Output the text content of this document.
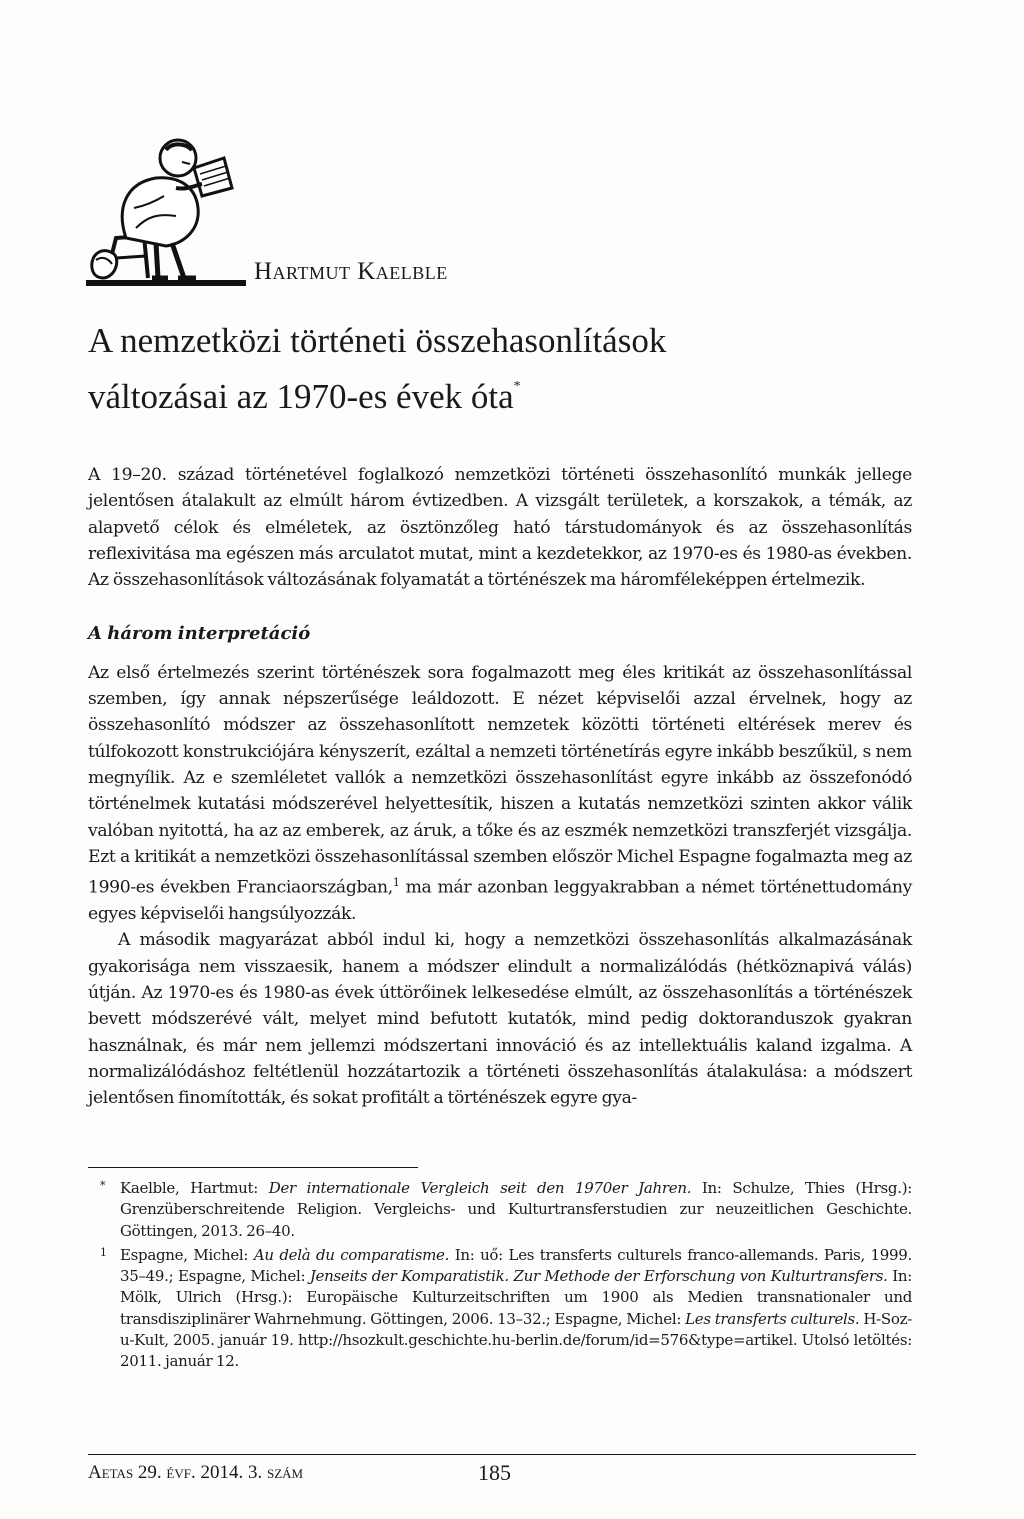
Hartmut Kaelble
A nemzetközi történeti összehasonlítások
változásai az 1970-es évek óta*

A 19–20. század történetével foglalkozó nemzetközi történeti összehasonlító munkák jellege jelentősen átalakult az elmúlt három évtizedben. A vizsgált területek, a korszakok, a témák, az alapvető célok és elméletek, az ösztönzőleg ható társtudományok és az összehasonlítás reflexivitása ma egészen más arculatot mutat, mint a kezdetekkor, az 1970-es és 1980-as években. Az összehasonlítások változásának folyamatát a történészek ma háromféleképpen értelmezik.

A három interpretáció

Az első értelmezés szerint történészek sora fogalmazott meg éles kritikát az összehasonlítással szemben, így annak népszerűsége leáldozott. E nézet képviselői azzal érvelnek, hogy az összehasonlító módszer az összehasonlított nemzetek közötti történeti eltérések merev és túlfokozott konstrukciójára kényszerít, ezáltal a nemzeti történetírás egyre inkább beszűkül, s nem megnyílik. Az e szemléletet vallók a nemzetközi összehasonlítást egyre inkább az összefonódó történelmek kutatási módszerével helyettesítik, hiszen a kutatás nemzetközi szinten akkor válik valóban nyitottá, ha az az emberek, az áruk, a tőke és az eszmék nemzetközi transzferjét vizsgálja. Ezt a kritikát a nemzetközi összehasonlítással szemben először Michel Espagne fogalmazta meg az 1990-es években Franciaországban,$^1$ ma már azonban leggyakrabban a német történettudomány egyes képviselői hangsúlyozzák.

A második magyarázat abból indul ki, hogy a nemzetközi összehasonlítás alkalmazásának gyakorisága nem visszaesik, hanem a módszer elindult a normalizálódás (hétköznapivá válás) útján. Az 1970-es és 1980-as évek úttörőinek lelkesedése elmúlt, az összehasonlítás a történészek bevett módszerévé vált, melyet mind befutott kutatók, mind pedig doktoranduszok gyakran használnak, és már nem jellemzi módszertani innováció és az intellektuális kaland izgalma. A normalizálódáshoz feltétlenül hozzátartozik a történeti összehasonlítás átalakulása: a módszert jelentősen finomították, és sokat profitált a történészek egyre gya-

* Kaelble, Hartmut: Der internationale Vergleich seit den 1970er Jahren. In: Schulze, Thies (Hrsg.): Grenzüberschreitende Religion. Vergleichs- und Kulturtransferstudien zur neuzeitlichen Geschichte. Göttingen, 2013. 26–40.
1 Espagne, Michel: Au delà du comparatisme. In: uő: Les transferts culturels franco-allemands. Paris, 1999. 35–49.; Espagne, Michel: Jenseits der Komparatistik. Zur Methode der Erforschung von Kulturtransfers. In: Mölk, Ulrich (Hrsg.): Europäische Kulturzeitschriften um 1900 als Medien transnationaler und transdisziplinärer Wahrnehmung. Göttingen, 2006. 13–32.; Espagne, Michel: Les transferts culturels. H-Soz-u-Kult, 2005. január 19. http://hsozkult.geschichte.hu-berlin.de/forum/id=576&type=artikel. Utolsó letöltés: 2011. január 12.
Aetas 29. évf. 2014. 3. szám	185
